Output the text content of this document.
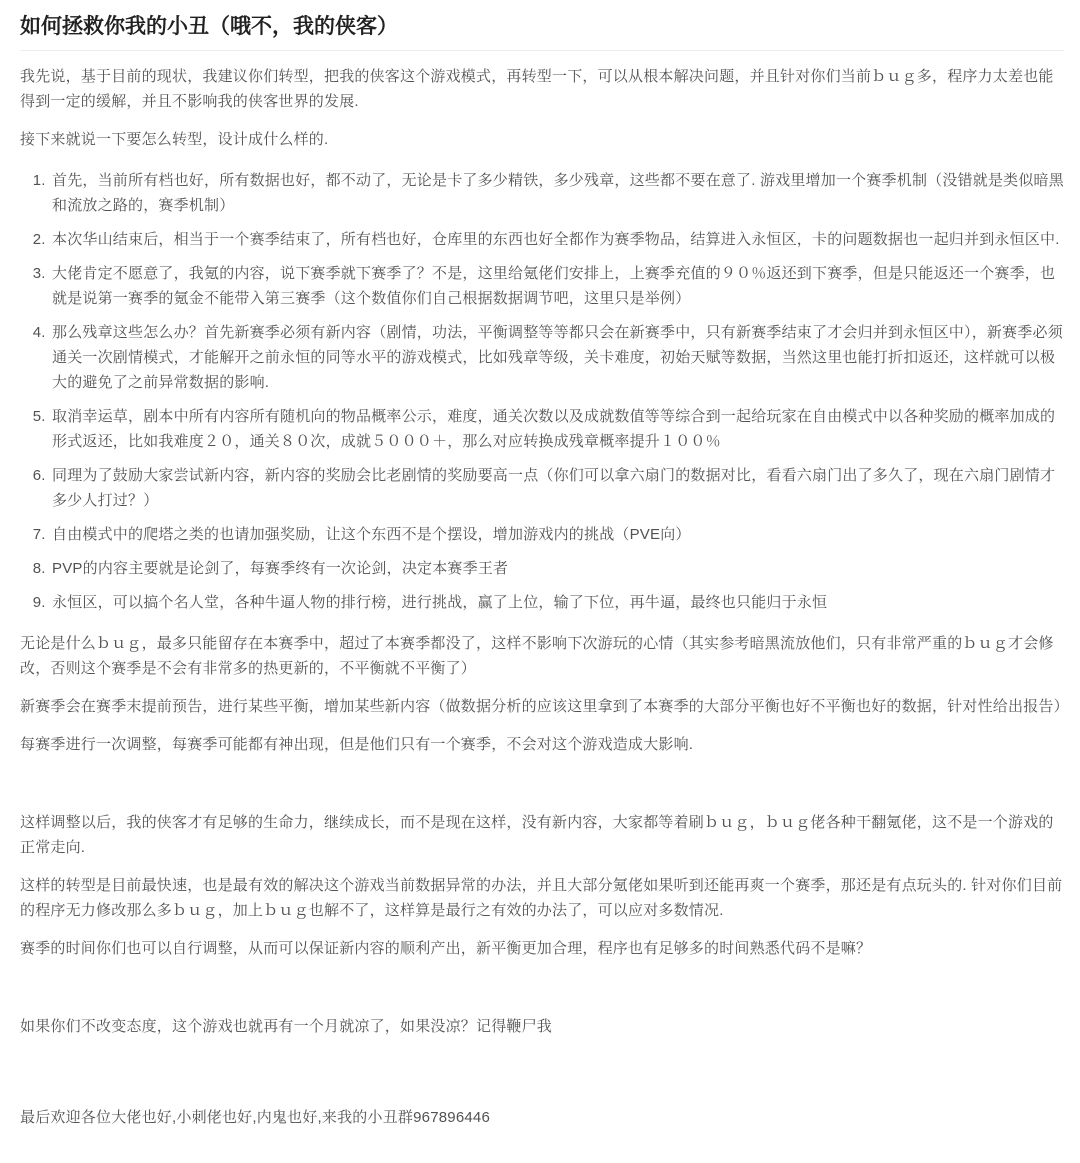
如何拯救你我的小丑（哦不，我的侠客）

我先说，基于目前的现状，我建议你们转型，把我的侠客这个游戏模式，再转型一下，可以从根本解决问题，并且针对你们当前ｂｕｇ多，程序力太差也能得到一定的缓解，并且不影响我的侠客世界的发展.

接下来就说一下要怎么转型，设计成什么样的.

1. 首先，当前所有档也好，所有数据也好，都不动了，无论是卡了多少精铁，多少残章，这些都不要在意了. 游戏里增加一个赛季机制（没错就是类似暗黑和流放之路的，赛季机制）
2. 本次华山结束后，相当于一个赛季结束了，所有档也好，仓库里的东西也好全都作为赛季物品，结算进入永恒区，卡的问题数据也一起归并到永恒区中.
3. 大佬肯定不愿意了，我氪的内容，说下赛季就下赛季了？不是，这里给氪佬们安排上，上赛季充值的９０％返还到下赛季，但是只能返还一个赛季，也就是说第一赛季的氪金不能带入第三赛季（这个数值你们自己根据数据调节吧，这里只是举例）
4. 那么残章这些怎么办？首先新赛季必须有新内容（剧情，功法，平衡调整等等都只会在新赛季中，只有新赛季结束了才会归并到永恒区中），新赛季必须通关一次剧情模式，才能解开之前永恒的同等水平的游戏模式，比如残章等级，关卡难度，初始天赋等数据，当然这里也能打折扣返还，这样就可以极大的避免了之前异常数据的影响.
5. 取消幸运草，剧本中所有内容所有随机向的物品概率公示，难度，通关次数以及成就数值等等综合到一起给玩家在自由模式中以各种奖励的概率加成的形式返还，比如我难度２０，通关８０次，成就５０００＋，那么对应转换成残章概率提升１００％
6. 同理为了鼓励大家尝试新内容，新内容的奖励会比老剧情的奖励要高一点（你们可以拿六扇门的数据对比，看看六扇门出了多久了，现在六扇门剧情才多少人打过？）
7. 自由模式中的爬塔之类的也请加强奖励，让这个东西不是个摆设，增加游戏内的挑战（PVE向）
8. PVP的内容主要就是论剑了，每赛季终有一次论剑，决定本赛季王者
9. 永恒区，可以搞个名人堂，各种牛逼人物的排行榜，进行挑战，赢了上位，输了下位，再牛逼，最终也只能归于永恒

无论是什么ｂｕｇ，最多只能留存在本赛季中，超过了本赛季都没了，这样不影响下次游玩的心情（其实参考暗黑流放他们，只有非常严重的ｂｕｇ才会修改，否则这个赛季是不会有非常多的热更新的，不平衡就不平衡了）

新赛季会在赛季末提前预告，进行某些平衡，增加某些新内容（做数据分析的应该这里拿到了本赛季的大部分平衡也好不平衡也好的数据，针对性给出报告）

每赛季进行一次调整，每赛季可能都有神出现，但是他们只有一个赛季，不会对这个游戏造成大影响.

这样调整以后，我的侠客才有足够的生命力，继续成长，而不是现在这样，没有新内容，大家都等着刷ｂｕｇ，ｂｕｇ佬各种干翻氪佬，这不是一个游戏的正常走向.

这样的转型是目前最快速，也是最有效的解决这个游戏当前数据异常的办法，并且大部分氪佬如果听到还能再爽一个赛季，那还是有点玩头的. 针对你们目前的程序无力修改那么多ｂｕｇ，加上ｂｕｇ也解不了，这样算是最行之有效的办法了，可以应对多数情况.

赛季的时间你们也可以自行调整，从而可以保证新内容的顺利产出，新平衡更加合理，程序也有足够多的时间熟悉代码不是嘛？

如果你们不改变态度，这个游戏也就再有一个月就凉了，如果没凉？记得鞭尸我

最后欢迎各位大佬也好,小刺佬也好,内鬼也好,来我的小丑群967896446
